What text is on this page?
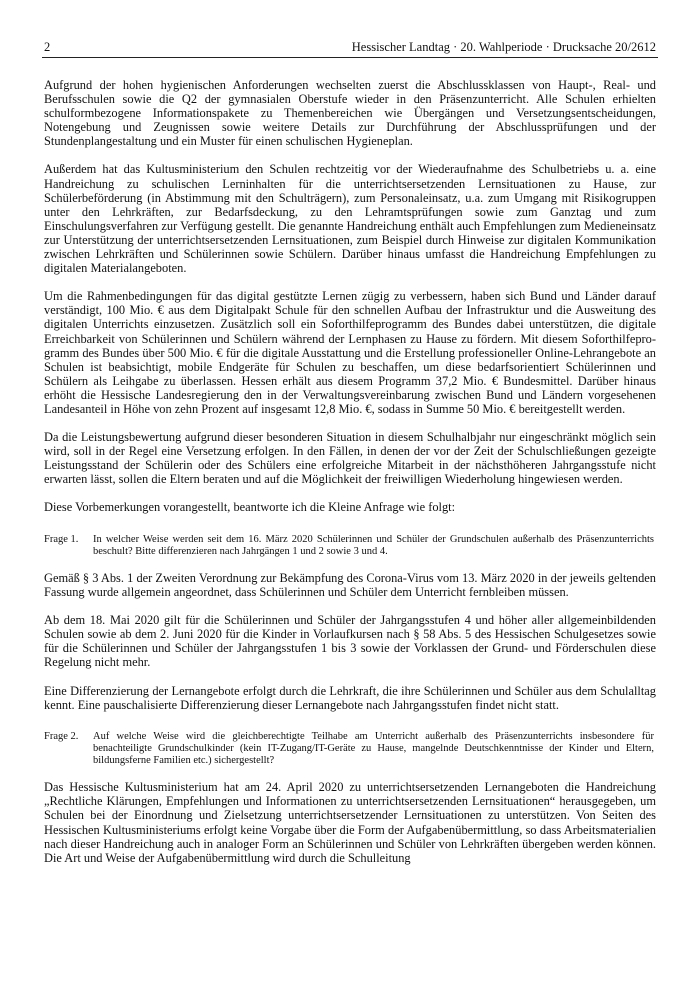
2	Hessischer Landtag · 20. Wahlperiode · Drucksache 20/2612

Aufgrund der hohen hygienischen Anforderungen wechselten zuerst die Abschlussklassen von Haupt-, Real- und Berufsschulen sowie die Q2 der gymnasialen Oberstufe wieder in den Präsenzunterricht. Alle Schulen erhielten schulformbezogene Informationspakete zu Themenbereichen wie Übergängen und Versetzungsentscheidungen, Notengebung und Zeugnissen sowie weitere Details zur Durchführung der Abschlussprüfungen und der Stundenplangestaltung und ein Muster für einen schulischen Hygieneplan.

Außerdem hat das Kultusministerium den Schulen rechtzeitig vor der Wiederaufnahme des Schulbetriebs u. a. eine Handreichung zu schulischen Lerninhalten für die unterrichtsersetzenden Lernsituationen zu Hause, zur Schülerbeförderung (in Abstimmung mit den Schulträgern), zum Personaleinsatz, u.a. zum Umgang mit Risikogruppen unter den Lehrkräften, zur Bedarfsdeckung, zu den Lehramtsprüfungen sowie zum Ganztag und zum Einschulungsverfahren zur Verfügung gestellt. Die genannte Handreichung enthält auch Empfehlungen zum Medieneinsatz zur Unterstützung der unterrichtsersetzenden Lernsituationen, zum Beispiel durch Hinweise zur digitalen Kommunikation zwischen Lehrkräften und Schülerinnen sowie Schülern. Darüber hinaus umfasst die Handreichung Empfehlungen zu digitalen Materialangeboten.

Um die Rahmenbedingungen für das digital gestützte Lernen zügig zu verbessern, haben sich Bund und Länder darauf verständigt, 100 Mio. € aus dem Digitalpakt Schule für den schnellen Aufbau der Infrastruktur und die Ausweitung des digitalen Unterrichts einzusetzen. Zusätzlich soll ein Soforthilfeprogramm des Bundes dabei unterstützen, die digitale Erreichbarkeit von Schülerinnen und Schülern während der Lernphasen zu Hause zu fördern. Mit diesem Soforthilfeprogramm des Bundes über 500 Mio. € für die digitale Ausstattung und die Erstellung professioneller Online-Lehrangebote an Schulen ist beabsichtigt, mobile Endgeräte für Schulen zu beschaffen, um diese bedarfsorientiert Schülerinnen und Schülern als Leihgabe zu überlassen. Hessen erhält aus diesem Programm 37,2 Mio. € Bundesmittel. Darüber hinaus erhöht die Hessische Landesregierung den in der Verwaltungsvereinbarung zwischen Bund und Ländern vorgesehenen Landesanteil in Höhe von zehn Prozent auf insgesamt 12,8 Mio. €, sodass in Summe 50 Mio. € bereitgestellt werden.

Da die Leistungsbewertung aufgrund dieser besonderen Situation in diesem Schulhalbjahr nur eingeschränkt möglich sein wird, soll in der Regel eine Versetzung erfolgen. In den Fällen, in denen der vor der Zeit der Schulschließungen gezeigte Leistungsstand der Schülerin oder des Schülers eine erfolgreiche Mitarbeit in der nächsthöheren Jahrgangsstufe nicht erwarten lässt, sollen die Eltern beraten und auf die Möglichkeit der freiwilligen Wiederholung hingewiesen werden.

Diese Vorbemerkungen vorangestellt, beantworte ich die Kleine Anfrage wie folgt:

Frage 1.	In welcher Weise werden seit dem 16. März 2020 Schülerinnen und Schüler der Grundschulen außerhalb des Präsenzunterrichts beschult? Bitte differenzieren nach Jahrgängen 1 und 2 sowie 3 und 4.

Gemäß § 3 Abs. 1 der Zweiten Verordnung zur Bekämpfung des Corona-Virus vom 13. März 2020 in der jeweils geltenden Fassung wurde allgemein angeordnet, dass Schülerinnen und Schüler dem Unterricht fernbleiben müssen.

Ab dem 18. Mai 2020 gilt für die Schülerinnen und Schüler der Jahrgangsstufen 4 und höher aller allgemeinbildenden Schulen sowie ab dem 2. Juni 2020 für die Kinder in Vorlaufkursen nach § 58 Abs. 5 des Hessischen Schulgesetzes sowie für die Schülerinnen und Schüler der Jahrgangsstufen 1 bis 3 sowie der Vorklassen der Grund- und Förderschulen diese Regelung nicht mehr.

Eine Differenzierung der Lernangebote erfolgt durch die Lehrkraft, die ihre Schülerinnen und Schüler aus dem Schulalltag kennt. Eine pauschalisierte Differenzierung dieser Lernangebote nach Jahrgangsstufen findet nicht statt.

Frage 2.	Auf welche Weise wird die gleichberechtigte Teilhabe am Unterricht außerhalb des Präsenzunterrichts insbesondere für benachteiligte Grundschulkinder (kein IT-Zugang/IT-Geräte zu Hause, mangelnde Deutschkenntnisse der Kinder und Eltern, bildungsferne Familien etc.) sichergestellt?

Das Hessische Kultusministerium hat am 24. April 2020 zu unterrichtsersetzenden Lernangeboten die Handreichung „Rechtliche Klärungen, Empfehlungen und Informationen zu unterrichtsersetzenden Lernsituationen“ herausgegeben, um Schulen bei der Einordnung und Zielsetzung unterrichtsersetzender Lernsituationen zu unterstützen. Von Seiten des Hessischen Kultusministeriums erfolgt keine Vorgabe über die Form der Aufgabenübermittlung, so dass Arbeitsmaterialien nach dieser Handreichung auch in analoger Form an Schülerinnen und Schüler von Lehrkräften übergeben werden können. Die Art und Weise der Aufgabenübermittlung wird durch die Schulleitung
